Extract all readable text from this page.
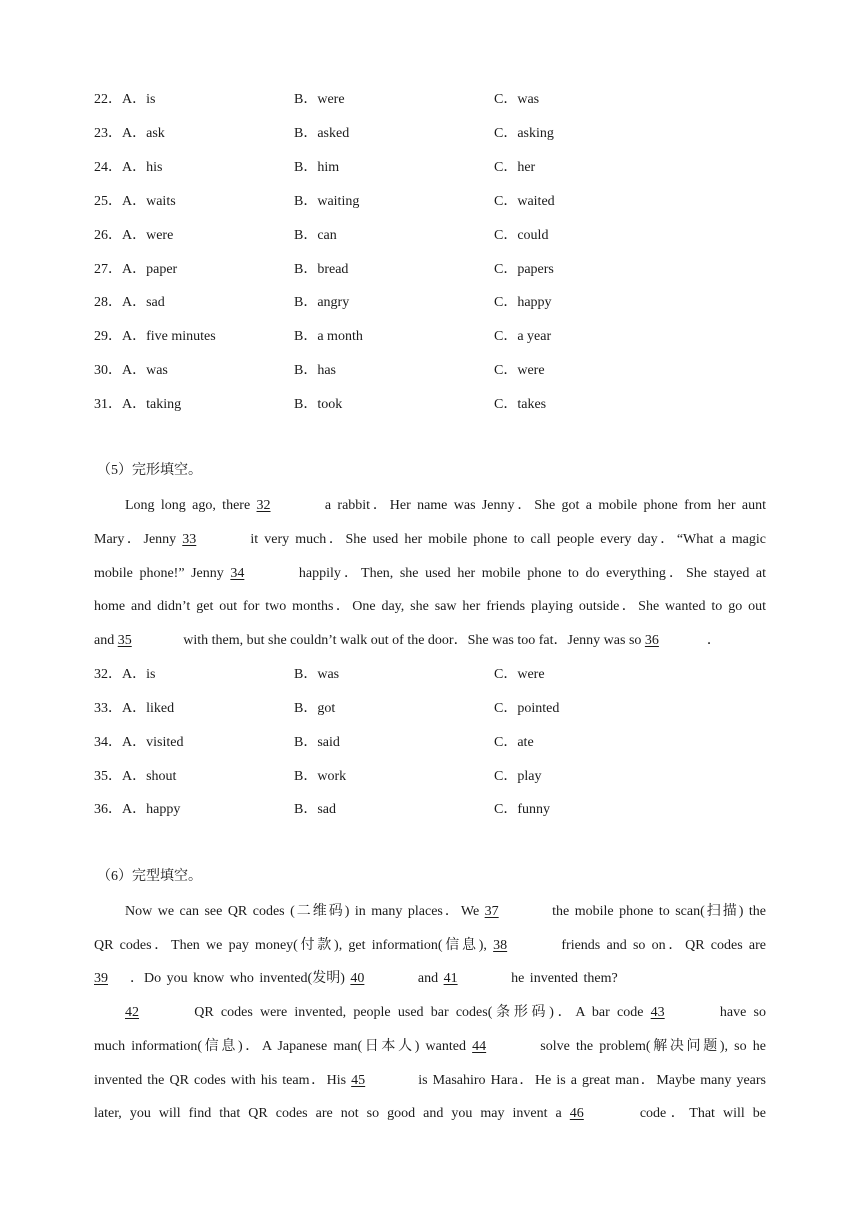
22．A．is	B．were	C．was
23．A．ask	B．asked	C．asking
24．A．his	B．him	C．her
25．A．waits	B．waiting	C．waited
26．A．were	B．can	C．could
27．A．paper	B．bread	C．papers
28．A．sad	B．angry	C．happy
29．A．five minutes	B．a month	C．a year
30．A．was	B．has	C．were
31．A．taking	B．took	C．takes
（5）完形填空。
Long long ago, there 32	a rabbit．Her name was Jenny．She got a mobile phone from her aunt
Mary．Jenny 33	it very much．She used her mobile phone to call people every day．“What a magic
mobile phone!” Jenny 34	happily．Then, she used her mobile phone to do everything．She stayed at
home and didn’t get out for two months．One day, she saw her friends playing outside．She wanted to go out
and 35	with them, but she couldn’t walk out of the door．She was too fat．Jenny was so 36	．
32．A．is	B．was	C．were
33．A．liked	B．got	C．pointed
34．A．visited	B．said	C．ate
35．A．shout	B．work	C．play
36．A．happy	B．sad	C．funny
（6）完型填空。
Now we can see QR codes (二维码) in many places．We 37	the mobile phone to scan(扫描) the
QR codes．Then we pay money(付款), get information(信息), 38	friends and so on．QR codes are
39 ．Do you know who invented(发明) 40	and 41	he invented them?
42	QR codes were invented, people used bar codes(条形码)．A bar code 43	have so
much information(信息)．A Japanese man(日本人) wanted 44	solve the problem(解决问题), so he
invented the QR codes with his team．His 45	is Masahiro Hara．He is a great man．Maybe many years
later, you will find that QR codes are not so good and you may invent a 46	code．That will be
